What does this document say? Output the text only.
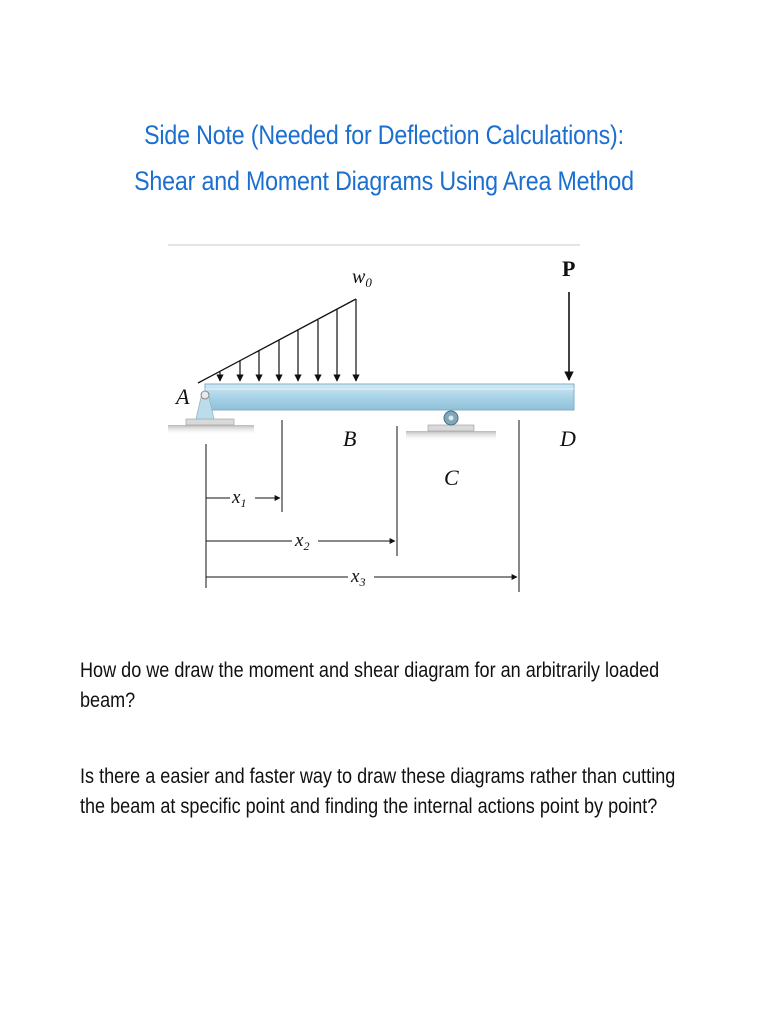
Side Note (Needed for Deflection Calculations):
Shear and Moment Diagrams Using Area Method
$w_0$
P
A
B
C
D
$x_1$
$x_2$
$x_3$
How do we draw the moment and shear diagram for an arbitrarily loaded beam?
Is there a easier and faster way to draw these diagrams rather than cutting the beam at specific point and finding the internal actions point by point?
